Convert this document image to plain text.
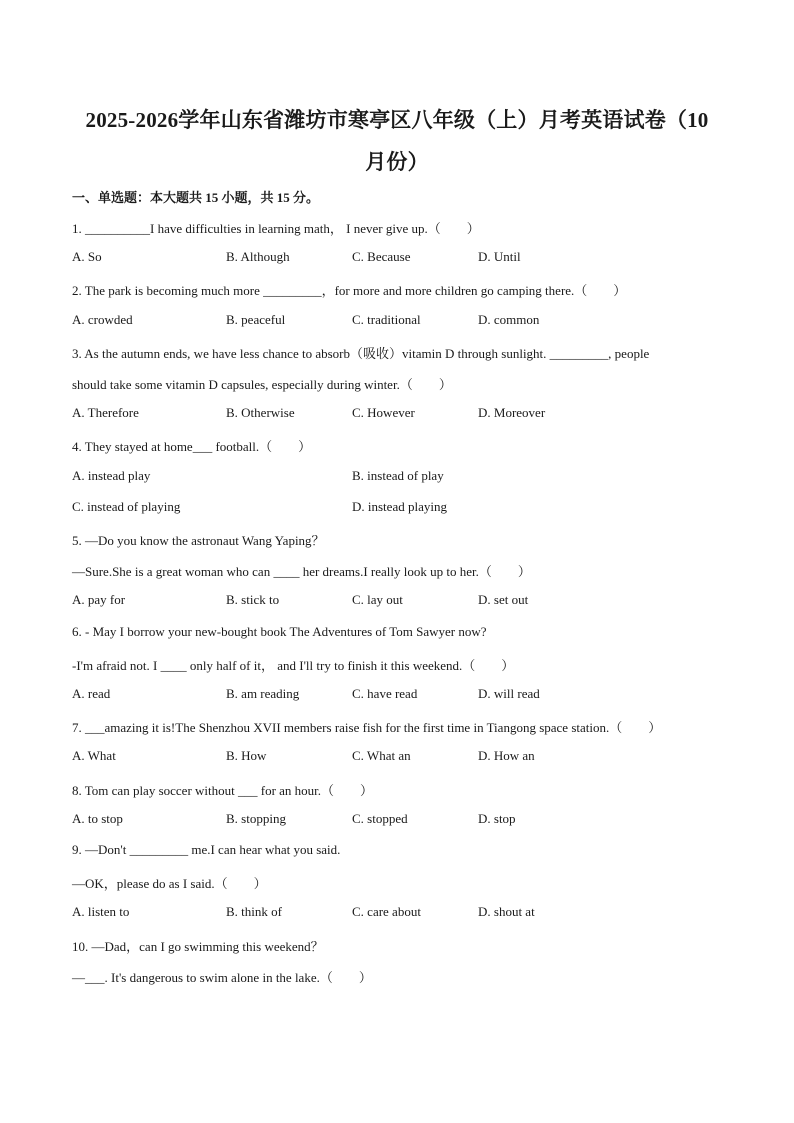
2025-2026学年山东省潍坊市寒亭区八年级（上）月考英语试卷（10
月份）
一、单选题：本大题共 15 小题，共 15 分。
1. __________I have difficulties in learning math， I never give up.（　　）
A. So	B. Although	C. Because	D. Until
2. The park is becoming much more _________，for more and more children go camping there.（　　）
A. crowded	B. peaceful	C. traditional	D. common
3. As the autumn ends, we have less chance to absorb（吸收）vitamin D through sunlight. _________, people
should take some vitamin D capsules, especially during winter.（　　）
A. Therefore	B. Otherwise	C. However	D. Moreover
4. They stayed at home___ football.（　　）
A. instead play	B. instead of play
C. instead of playing	D. instead playing
5. —Do you know the astronaut Wang Yaping？
—Sure.She is a great woman who can ____ her dreams.I really look up to her.（　　）
A. pay for	B. stick to	C. lay out	D. set out
6. - May I borrow your new-bought book The Adventures of Tom Sawyer now?
-I'm afraid not. I ____ only half of it， and I'll try to finish it this weekend.（　　）
A. read	B. am reading	C. have read	D. will read
7. ___amazing it is!The Shenzhou XVII members raise fish for the first time in Tiangong space station.（　　）
A. What	B. How	C. What an	D. How an
8. Tom can play soccer without ___ for an hour.（　　）
A. to stop	B. stopping	C. stopped	D. stop
9. —Don't _________ me.I can hear what you said.
—OK，please do as I said.（　　）
A. listen to	B. think of	C. care about	D. shout at
10. —Dad，can I go swimming this weekend？
—___. It's dangerous to swim alone in the lake.（　　）
